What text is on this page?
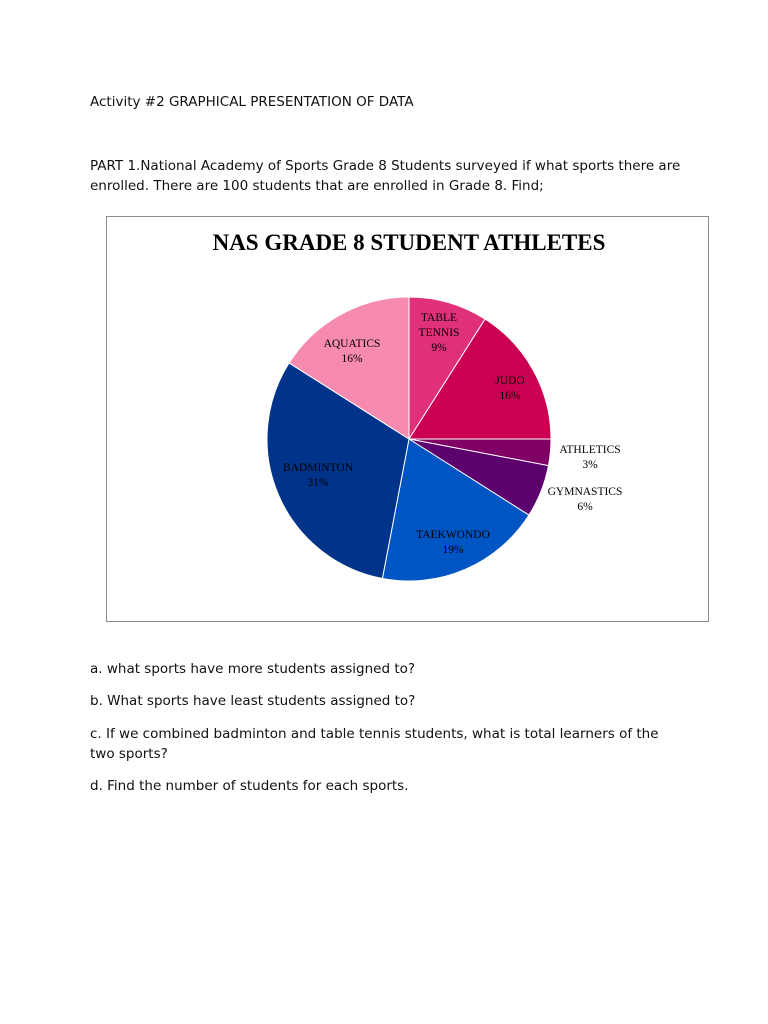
Activity #2 GRAPHICAL PRESENTATION OF DATA

PART 1.National Academy of Sports Grade 8 Students surveyed if what sports there are

enrolled. There are 100 students that are enrolled in Grade 8. Find;

NAS GRADE 8 STUDENT ATHLETES
TABLE
TENNIS
9%
JUDO
16%
ATHLETICS
3%
GYMNASTICS
6%
TAEKWONDO
19%
BADMINTON
31%
AQUATICS
16%

a. what sports have more students assigned to?

b. What sports have least students assigned to?

c. If we combined badminton and table tennis students, what is total learners of the

two sports?

d. Find the number of students for each sports.
